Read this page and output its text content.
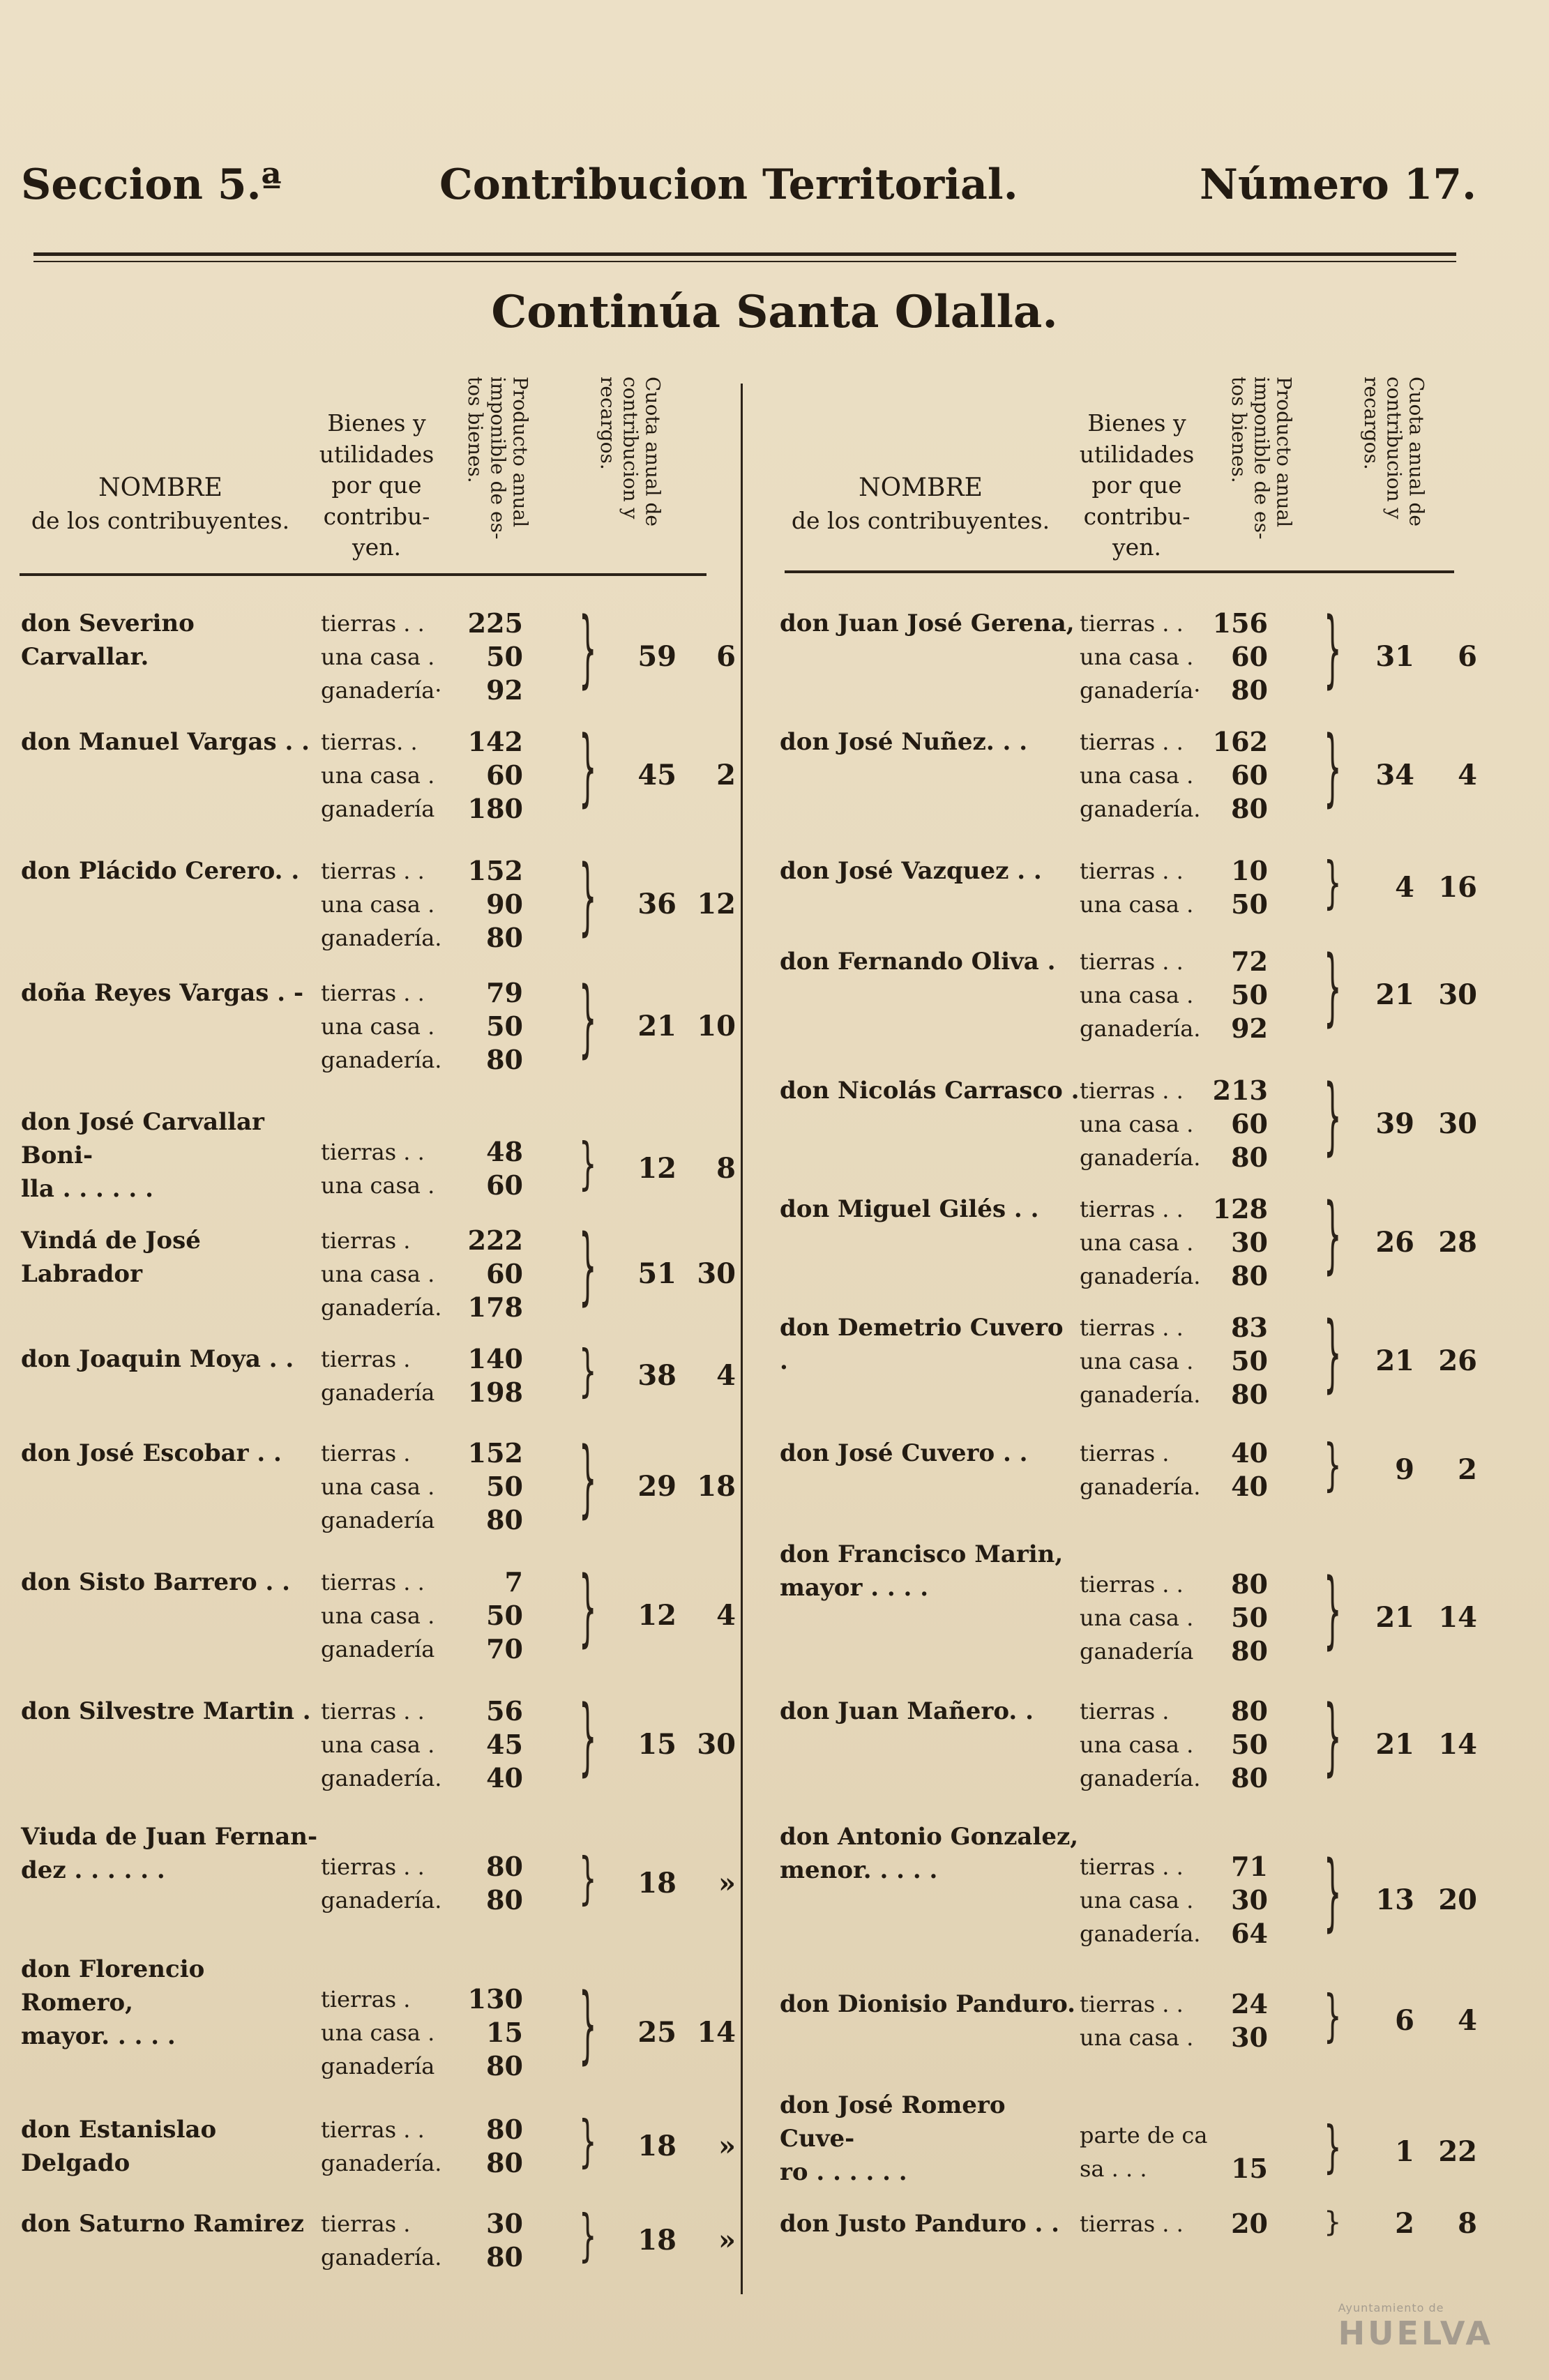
Seccion 5.ª	Contribucion Territorial.	Número 17.
Continúa Santa Olalla.
NOMBRE
de los contribuyentes.
Bienes y
utilidades
por que
contribu-
yen.
Producto anual
imponible de es-
tos bienes.
Cuota anual de
contribucion y
recargos.
NOMBRE
de los contribuyentes.
Bienes y
utilidades
por que
contribu-
yen.
Producto anual
imponible de es-
tos bienes.
Cuota anual de
contribucion y
recargos.
don Severino Carvallar.
tierras . .	225
una casa .	50
ganadería·	92 }	59	6
don Manuel Vargas . . tierras. .	142
una casa .	60
ganadería	180 }	45	2
don Plácido Cerero. . tierras . .	152
una casa .	90
ganadería.	80 }	36 12
doña Reyes Vargas . - tierras . .	79
una casa .	50
ganadería.	80 }	21 10
don José Carvallar Boni-
lla . . . . . .
tierras . .	48
una casa .	60 }	12	8
Vindá de José Labrador
tierras .	222
una casa .	60
ganadería. 178 }	51 30
don Joaquin Moya . .	tierras .	140
ganadería	198 }	38	4
don José Escobar . .	tierras .	152
una casa .	50
ganadería	80 }	29 18
don Sisto Barrero . .	tierras . .	7
una casa .	50
ganadería	70 }	12	4
don Silvestre Martin . tierras . .	56
una casa .	45
ganadería.	40 }	15 30
Viuda de Juan Fernan-
dez . . . . . .	tierras . .	80
ganadería.	80 }	18	»
don Florencio Romero,
mayor. . . . .
tierras .	130
una casa .	15
ganadería	80 }	25 14
don Estanislao Delgado
tierras . .	80
ganadería.	80 }	18	»
don Saturno Ramirez tierras .	30
ganadería.	80 }	18	»
don Juan José Gerena, tierras . .	156
una casa .	60
ganadería·	80 }	31	6
don José Nuñez. . .	tierras . .	162
una casa .	60
ganadería.	80 }	34	4
don José Vazquez . .	tierras . .	10
una casa .	50 }	4 16
don Fernando Oliva .	tierras . .	72
una casa .	50
ganadería.	92 }	21 30
don Nicolás Carrasco . tierras . .	213
una casa .	60
ganadería.	80 }	39 30
don Miguel Gilés . .	tierras . .	128
una casa .	30
ganadería.	80 }	26 28
don Demetrio Cuvero .
tierras . .	83
una casa .	50
ganadería.	80 }	21 26
don José Cuvero . .	tierras .	40
ganadería.	40 }	9	2
don Francisco Marin,
mayor . . . .	tierras . .	80
una casa .	50
ganadería	80 }	21 14
don Juan Mañero. .	tierras .	80
una casa .	50
ganadería.	80 }	21 14
don Antonio Gonzalez,
menor. . . . .	tierras . .	71
una casa .	30
ganadería.	64 }	13 20
don Dionisio Panduro. tierras . .	24
una casa .	30 }	6	4
don José Romero Cuve-
ro . . . . . .
parte de ca
sa . . .	15 }	1 22
don Justo Panduro . . tierras . .	20 }	2	8
Ayuntamiento de
HUELVA
